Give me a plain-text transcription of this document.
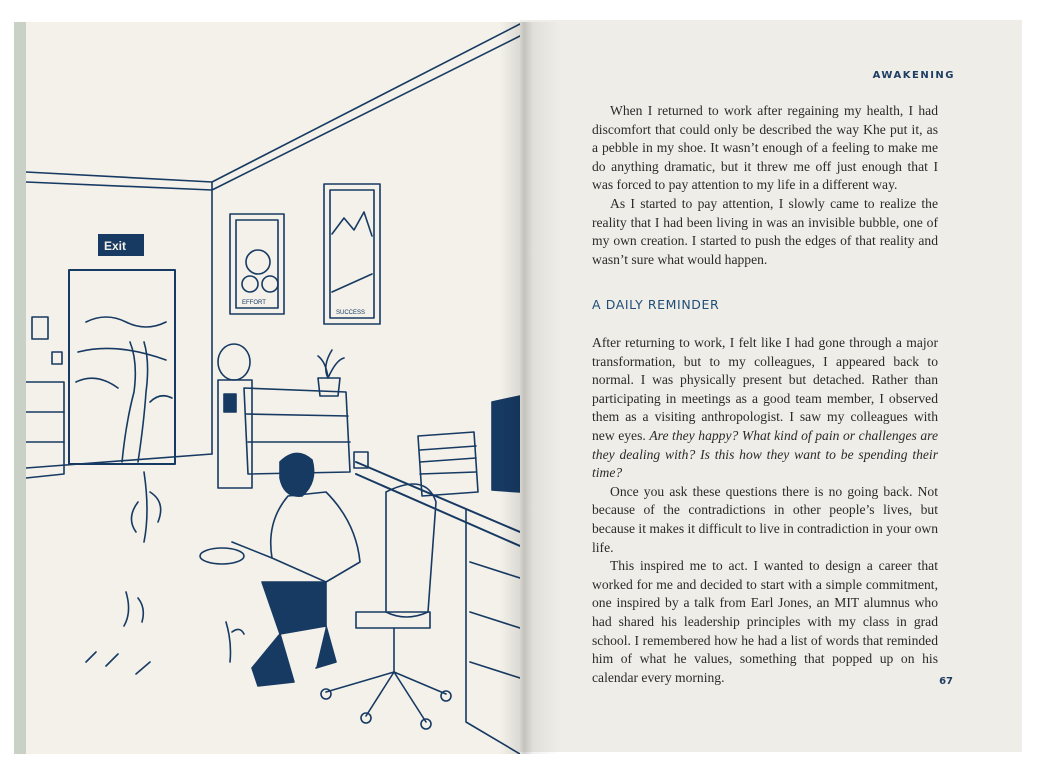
Exit
EFFORT
SUCCESS
AWAKENING

When I returned to work after regaining my health, I had discomfort that could only be described the way Khe put it, as a pebble in my shoe. It wasn’t enough of a feeling to make me do anything dramatic, but it threw me off just enough that I was forced to pay attention to my life in a different way.

As I started to pay attention, I slowly came to realize the reality that I had been living in was an invisible bubble, one of my own creation. I started to push the edges of that reality and wasn’t sure what would happen.

A DAILY REMINDER

After returning to work, I felt like I had gone through a major transformation, but to my colleagues, I appeared back to normal. I was physically present but detached. Rather than participating in meetings as a good team member, I observed them as a visiting anthropologist. I saw my colleagues with new eyes. Are they happy? What kind of pain or challenges are they dealing with? Is this how they want to be spending their time?

Once you ask these questions there is no going back. Not because of the contradictions in other people’s lives, but because it makes it difficult to live in contradiction in your own life.

This inspired me to act. I wanted to design a career that worked for me and decided to start with a simple commitment, one inspired by a talk from Earl Jones, an MIT alumnus who had shared his leadership principles with my class in grad school. I remembered how he had a list of words that reminded him of what he values, something that popped up on his calendar every morning.	67
